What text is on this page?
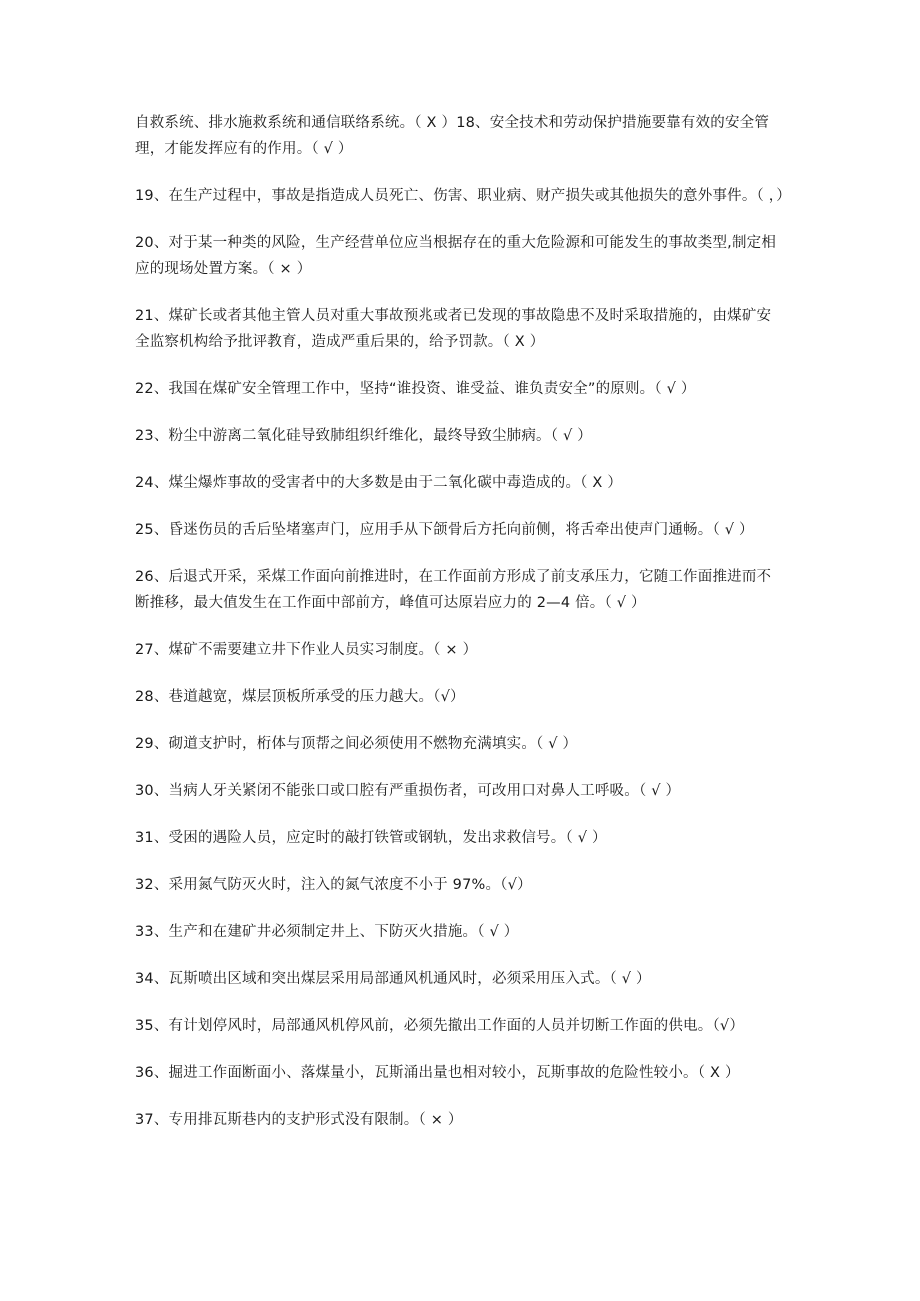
自救系统、排水施救系统和通信联络系统。（ X ）18、安全技术和劳动保护措施要靠有效的安全管理，才能发挥应有的作用。（ √ ）

19、在生产过程中，事故是指造成人员死亡、伤害、职业病、财产损失或其他损失的意外事件。（ ，）

20、对于某一种类的风险，生产经营单位应当根据存在的重大危险源和可能发生的事故类型,制定相应的现场处置方案。（ × ）

21、煤矿长或者其他主管人员对重大事故预兆或者已发现的事故隐患不及时采取措施的，由煤矿安全监察机构给予批评教育，造成严重后果的，给予罚款。（ X ）

22、我国在煤矿安全管理工作中，坚持“谁投资、谁受益、谁负责安全”的原则。（ √ ）

23、粉尘中游离二氧化硅导致肺组织纤维化，最终导致尘肺病。（ √ ）

24、煤尘爆炸事故的受害者中的大多数是由于二氧化碳中毒造成的。（ X ）

25、昏迷伤员的舌后坠堵塞声门，应用手从下颌骨后方托向前侧，将舌牵出使声门通畅。（ √ ）

26、后退式开采，采煤工作面向前推进时，在工作面前方形成了前支承压力，它随工作面推进而不断推移，最大值发生在工作面中部前方，峰值可达原岩应力的 2—4 倍。（ √ ）

27、煤矿不需要建立井下作业人员实习制度。（ × ）

28、巷道越宽，煤层顶板所承受的压力越大。（√）

29、砌道支护时，桁体与顶帮之间必须使用不燃物充满填实。（ √ ）

30、当病人牙关紧闭不能张口或口腔有严重损伤者，可改用口对鼻人工呼吸。（ √ ）

31、受困的遇险人员，应定时的敲打铁管或钢轨，发出求救信号。（ √ ）

32、采用氮气防灭火时，注入的氮气浓度不小于 97%。（√）

33、生产和在建矿井必须制定井上、下防灭火措施。（ √ ）

34、瓦斯喷出区域和突出煤层采用局部通风机通风时，必须采用压入式。（ √ ）

35、有计划停风时，局部通风机停风前，必须先撤出工作面的人员并切断工作面的供电。（√）

36、掘进工作面断面小、落煤量小，瓦斯涌出量也相对较小，瓦斯事故的危险性较小。（ X ）

37、专用排瓦斯巷内的支护形式没有限制。（ × ）
